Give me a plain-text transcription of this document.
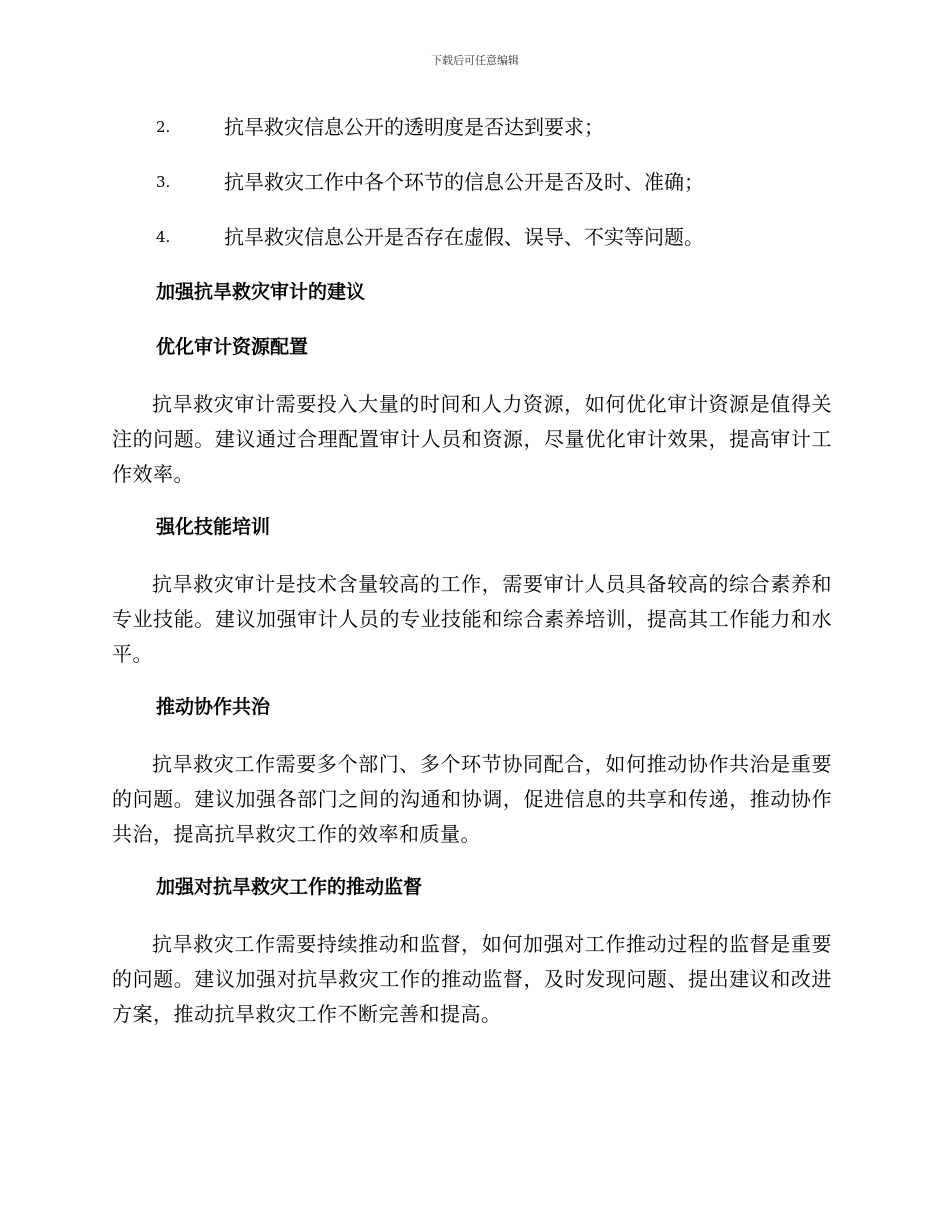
下载后可任意编辑
2.	抗旱救灾信息公开的透明度是否达到要求；
3.	抗旱救灾工作中各个环节的信息公开是否及时、准确；
4.	抗旱救灾信息公开是否存在虚假、误导、不实等问题。
加强抗旱救灾审计的建议
优化审计资源配置

抗旱救灾审计需要投入大量的时间和人力资源，如何优化审计资源是值得关注的问题。建议通过合理配置审计人员和资源，尽量优化审计效果，提高审计工作效率。

强化技能培训

抗旱救灾审计是技术含量较高的工作，需要审计人员具备较高的综合素养和专业技能。建议加强审计人员的专业技能和综合素养培训，提高其工作能力和水平。

推动协作共治

抗旱救灾工作需要多个部门、多个环节协同配合，如何推动协作共治是重要的问题。建议加强各部门之间的沟通和协调，促进信息的共享和传递，推动协作共治，提高抗旱救灾工作的效率和质量。

加强对抗旱救灾工作的推动监督

抗旱救灾工作需要持续推动和监督，如何加强对工作推动过程的监督是重要的问题。建议加强对抗旱救灾工作的推动监督，及时发现问题、提出建议和改进方案，推动抗旱救灾工作不断完善和提高。
